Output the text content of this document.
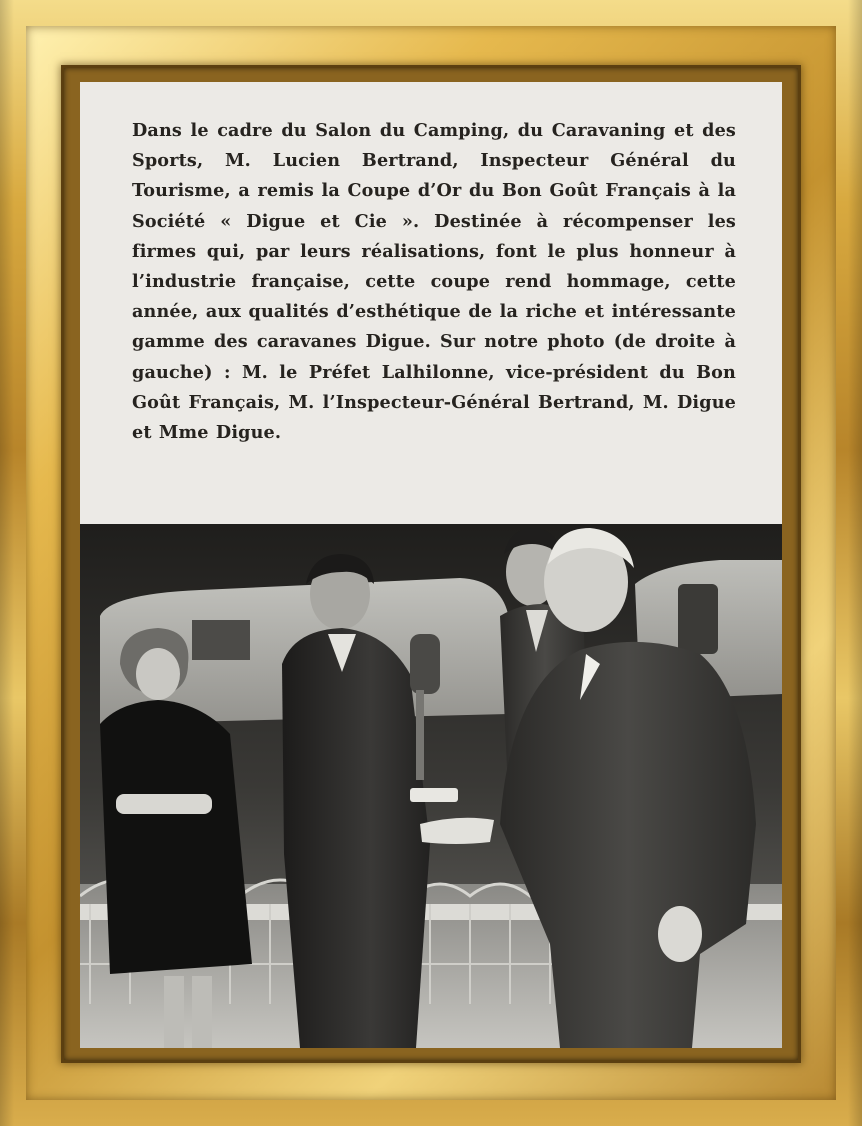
Dans le cadre du Salon du Camping, du Caravaning et des Sports, M. Lucien Bertrand, Inspecteur Général du Tourisme, a remis la Coupe d’Or du Bon Goût Français à la Société « Digue et Cie ». Destinée à récompenser les firmes qui, par leurs réalisations, font le plus honneur à l’industrie française, cette coupe rend hommage, cette année, aux qualités d’esthétique de la riche et intéressante gamme des caravanes Digue. Sur notre photo (de droite à gauche) : M. le Préfet Lalhilonne, vice-président du Bon Goût Français, M. l’Inspecteur-Général Bertrand, M. Digue et Mme Digue.
